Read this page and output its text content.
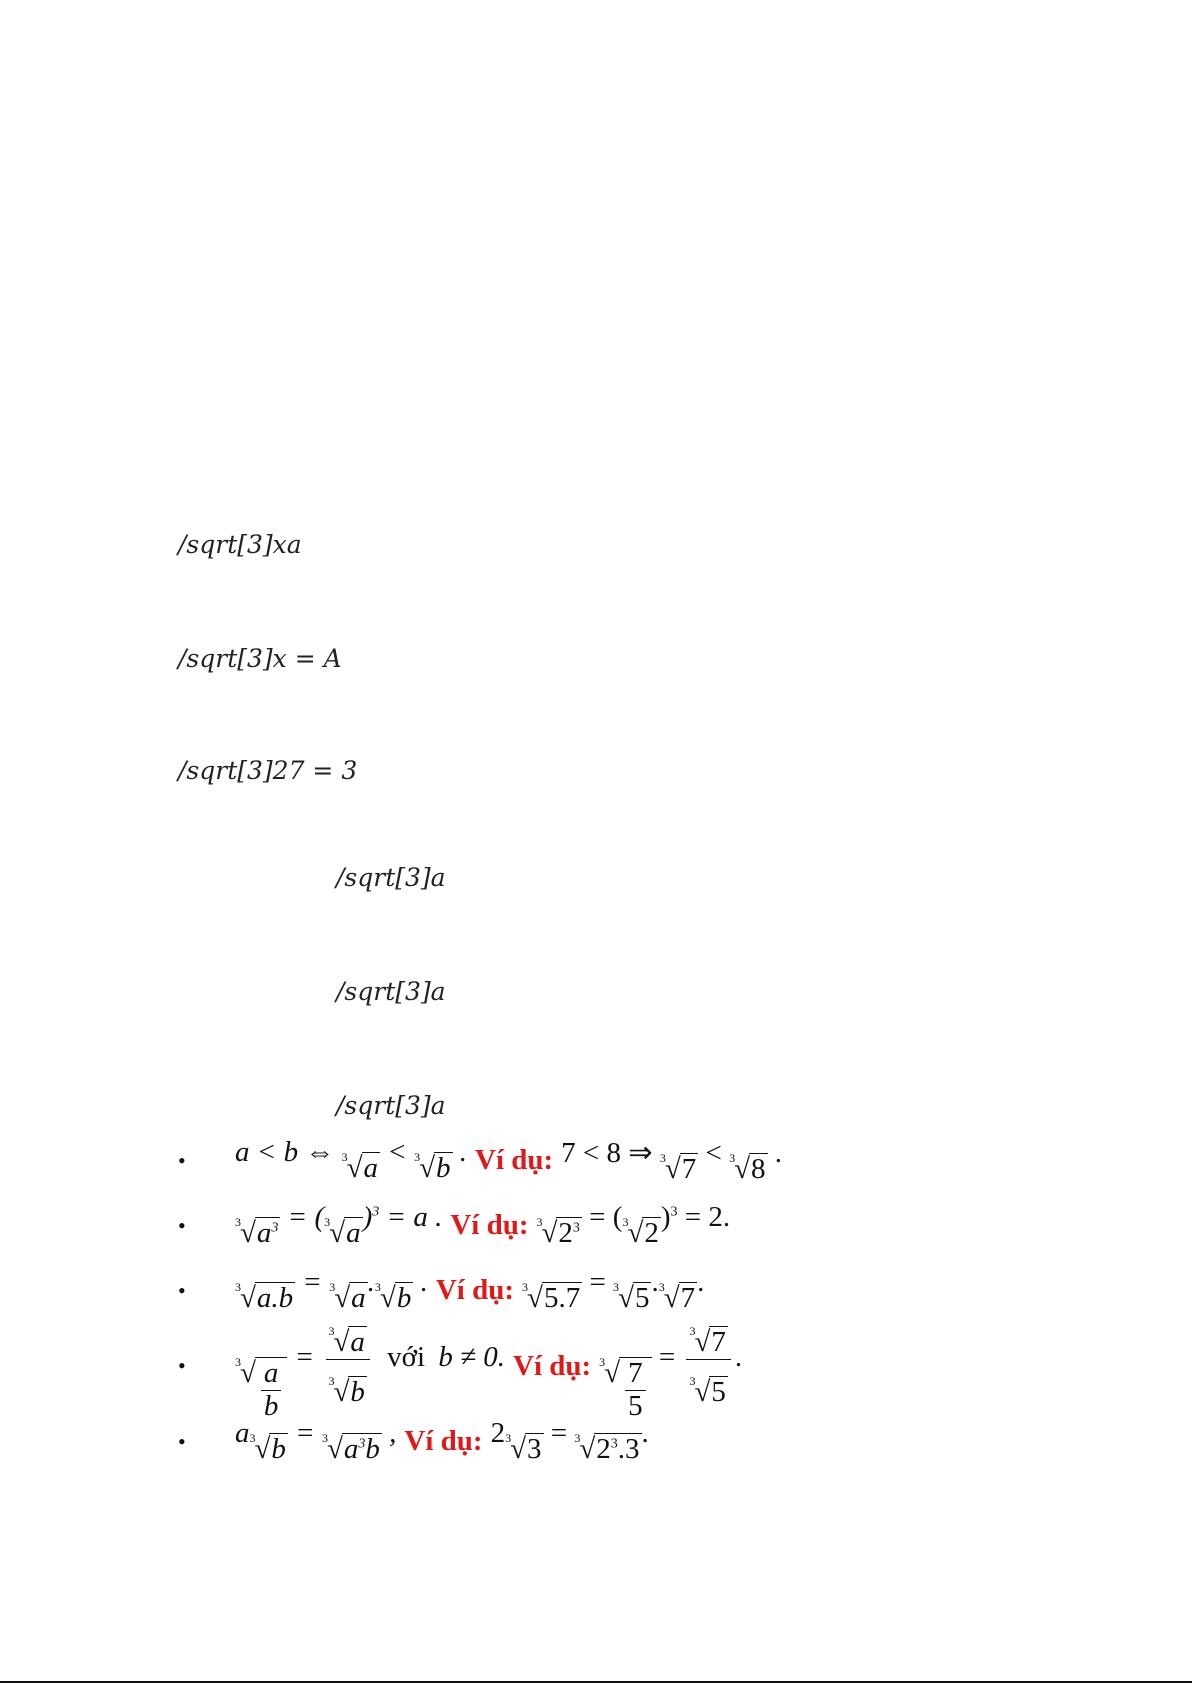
/sqrt[3]xa

/sqrt[3]x = A

/sqrt[3]27 = 3

/sqrt[3]a

/sqrt[3]a

/sqrt[3]a

•	a < b ⇔ 3 √ a < 3 √ b . Ví dụ: 7 < 8 ⇒ 3 √ 7 < 3 √ 8 .
•	3 √ $a^3$ = ( 3 √ a )$^3$ = a . Ví dụ: 3 √ $2^3$ = ( 3 √ 2 )$^3$ = 2.
•	3 √ a.b = 3 √ a . 3 √ b . Ví dụ: 3 √ 5.7 = 3 √ 5 . 3 √ 7 .
•	3 √ $\frac{a}{b}$
= $\frac{3 √ a}{3 √ b}$ với b ≠ 0. Ví dụ: 3 √ $\frac{7}{5}$
= $\frac{3 √ 7}{3 √ 5}$ .
•	a 3 √ b = 3 √ $a^3b$ , Ví dụ: 2 3 √ 3 = 3 √ $2^3.3$ .
